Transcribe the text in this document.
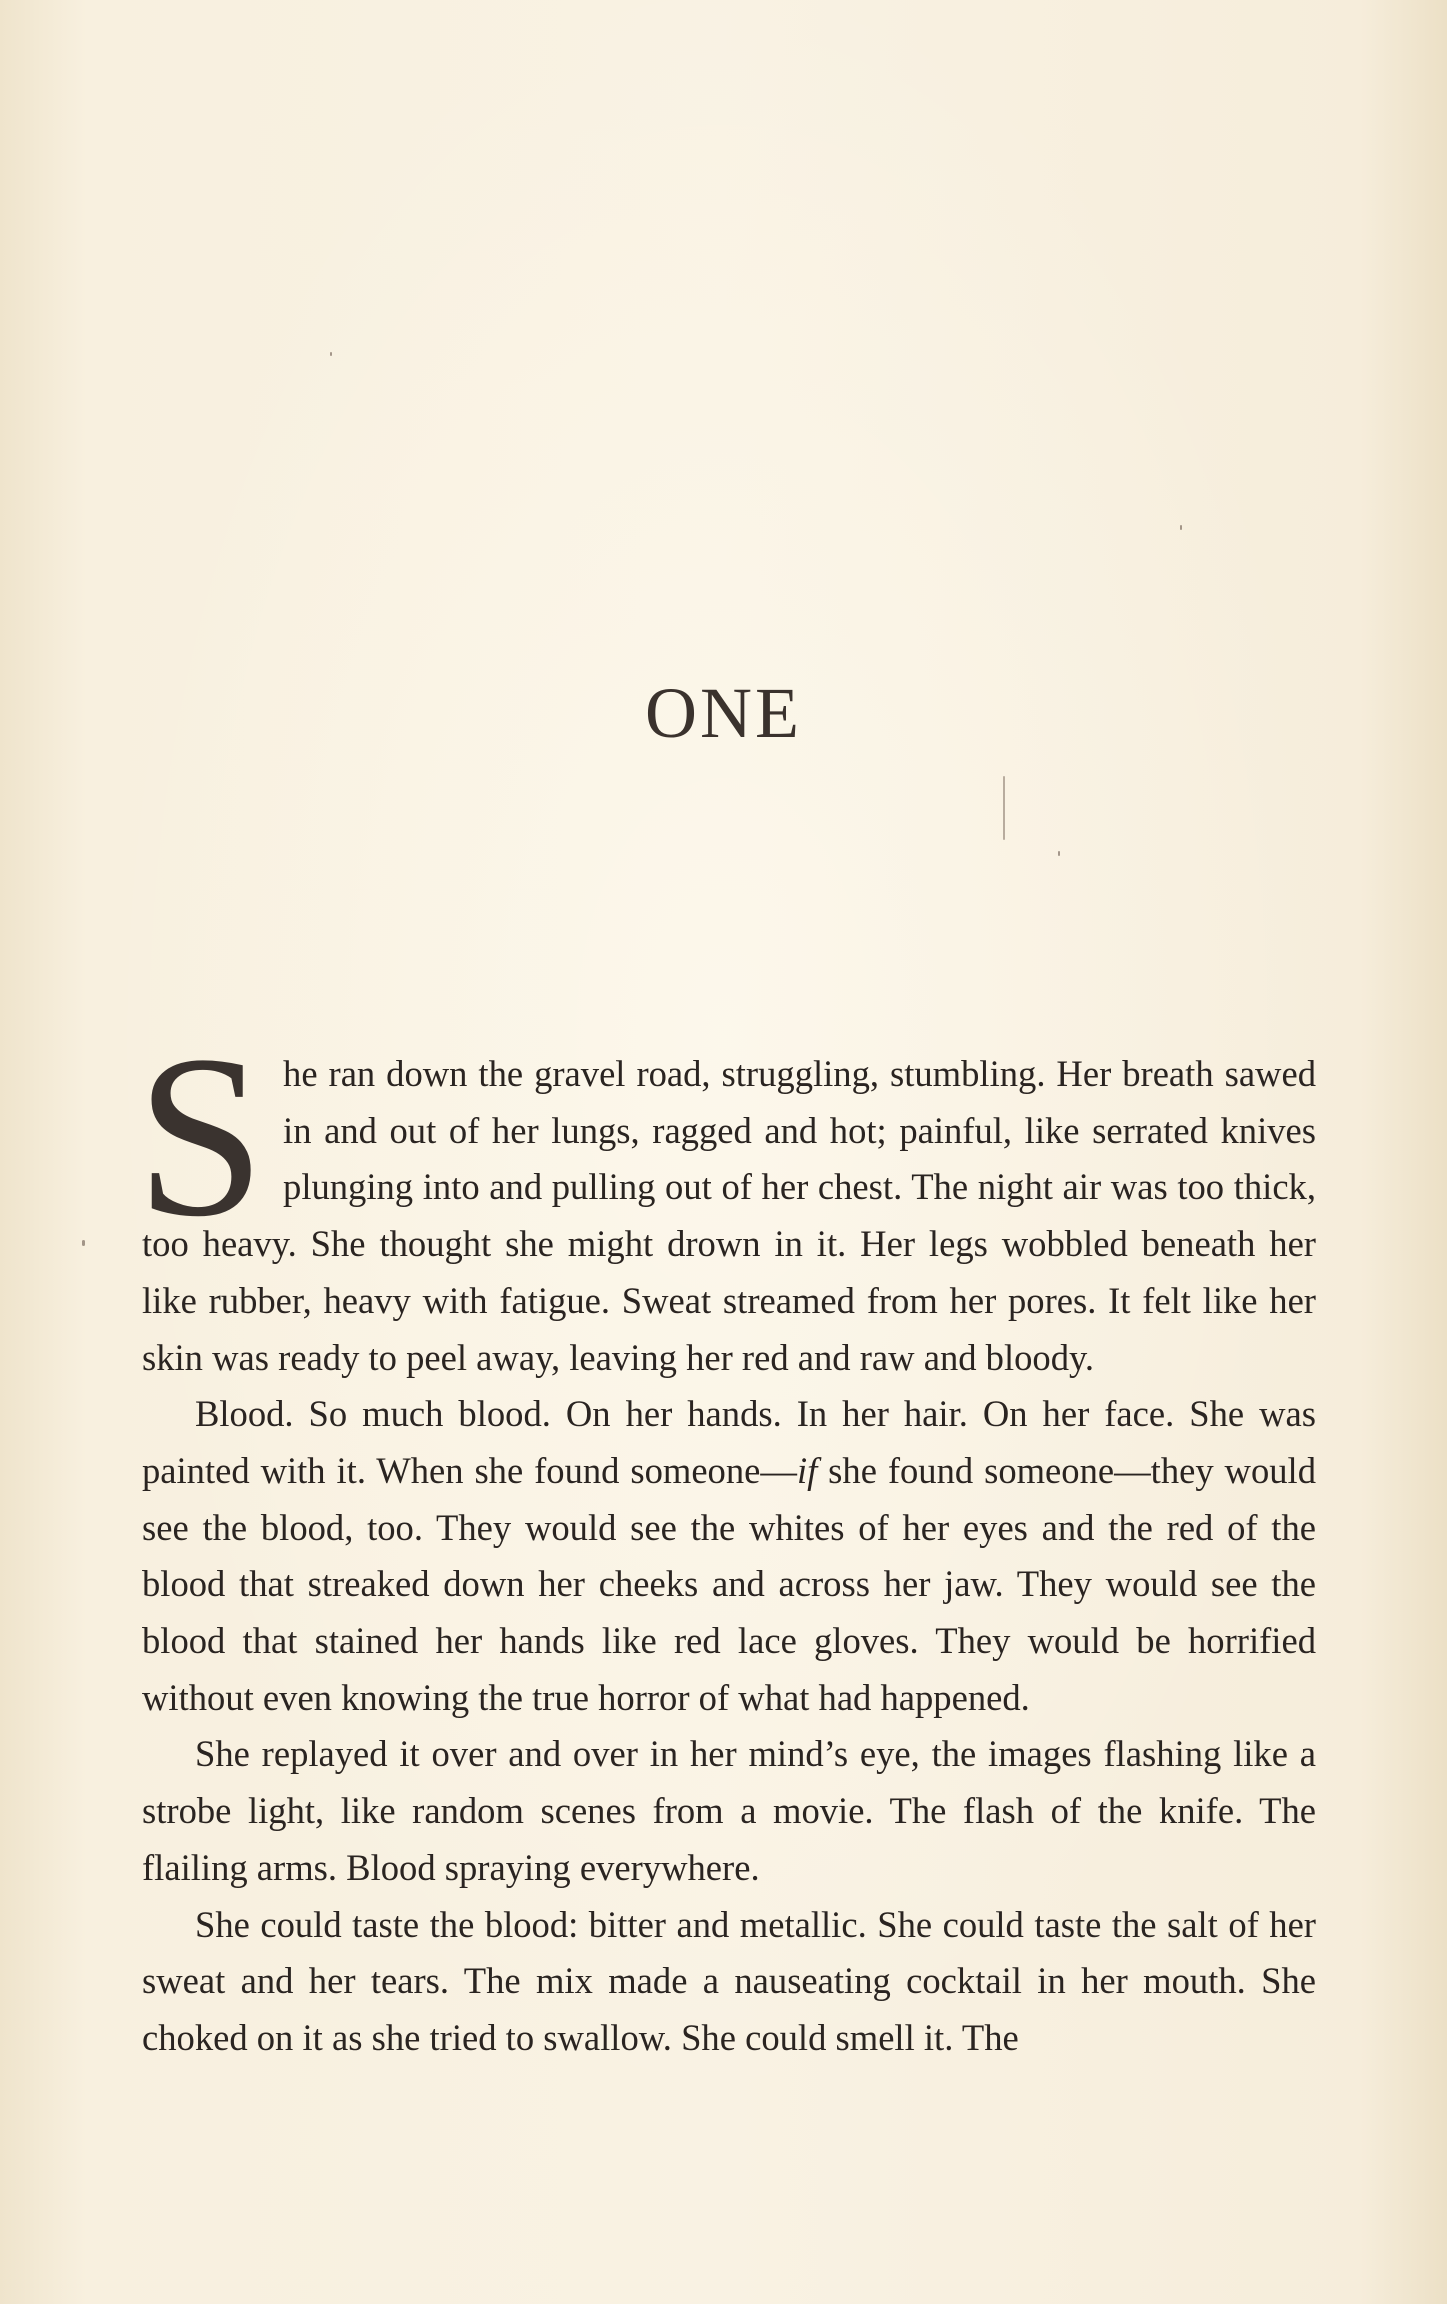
ONE

She ran down the gravel road, struggling, stumbling. Her breath sawed in and out of her lungs, ragged and hot; painful, like serrated knives plunging into and pulling out of her chest. The night air was too thick, too heavy. She thought she might drown in it. Her legs wobbled beneath her like rubber, heavy with fatigue. Sweat streamed from her pores. It felt like her skin was ready to peel away, leaving her red and raw and bloody.

Blood. So much blood. On her hands. In her hair. On her face. She was painted with it. When she found someone—if she found someone—they would see the blood, too. They would see the whites of her eyes and the red of the blood that streaked down her cheeks and across her jaw. They would see the blood that stained her hands like red lace gloves. They would be horrified without even knowing the true horror of what had happened.

She replayed it over and over in her mind’s eye, the images flashing like a strobe light, like random scenes from a movie. The flash of the knife. The flailing arms. Blood spraying everywhere.

She could taste the blood: bitter and metallic. She could taste the salt of her sweat and her tears. The mix made a nauseating cocktail in her mouth. She choked on it as she tried to swallow. She could smell it. The
